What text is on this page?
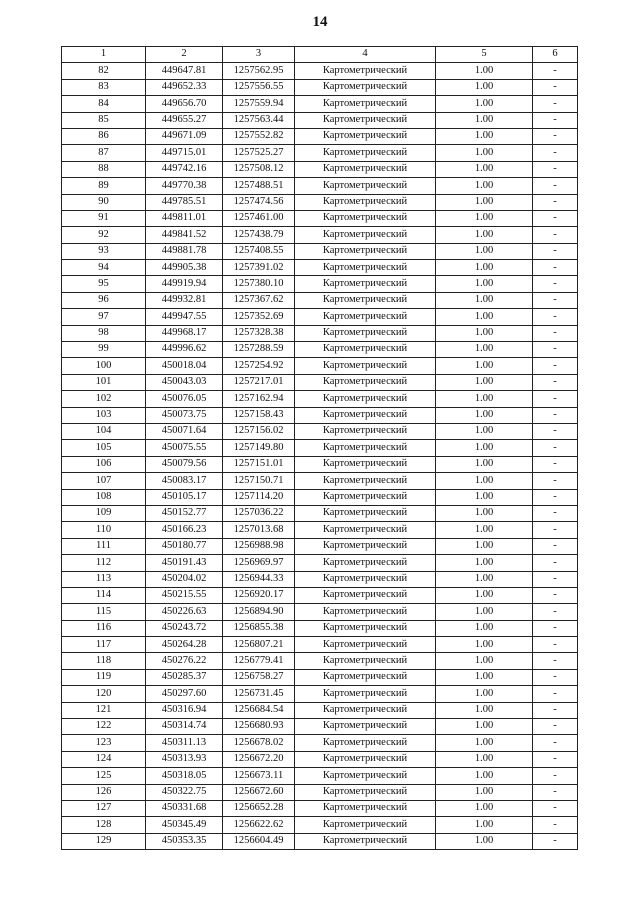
14
1	2	3	4	5	6
82	449647.81	1257562.95	Картометрический	1.00	-
83	449652.33	1257556.55	Картометрический	1.00	-
84	449656.70	1257559.94	Картометрический	1.00	-
85	449655.27	1257563.44	Картометрический	1.00	-
86	449671.09	1257552.82	Картометрический	1.00	-
87	449715.01	1257525.27	Картометрический	1.00	-
88	449742.16	1257508.12	Картометрический	1.00	-
89	449770.38	1257488.51	Картометрический	1.00	-
90	449785.51	1257474.56	Картометрический	1.00	-
91	449811.01	1257461.00	Картометрический	1.00	-
92	449841.52	1257438.79	Картометрический	1.00	-
93	449881.78	1257408.55	Картометрический	1.00	-
94	449905.38	1257391.02	Картометрический	1.00	-
95	449919.94	1257380.10	Картометрический	1.00	-
96	449932.81	1257367.62	Картометрический	1.00	-
97	449947.55	1257352.69	Картометрический	1.00	-
98	449968.17	1257328.38	Картометрический	1.00	-
99	449996.62	1257288.59	Картометрический	1.00	-
100	450018.04	1257254.92	Картометрический	1.00	-
101	450043.03	1257217.01	Картометрический	1.00	-
102	450076.05	1257162.94	Картометрический	1.00	-
103	450073.75	1257158.43	Картометрический	1.00	-
104	450071.64	1257156.02	Картометрический	1.00	-
105	450075.55	1257149.80	Картометрический	1.00	-
106	450079.56	1257151.01	Картометрический	1.00	-
107	450083.17	1257150.71	Картометрический	1.00	-
108	450105.17	1257114.20	Картометрический	1.00	-
109	450152.77	1257036.22	Картометрический	1.00	-
110	450166.23	1257013.68	Картометрический	1.00	-
111	450180.77	1256988.98	Картометрический	1.00	-
112	450191.43	1256969.97	Картометрический	1.00	-
113	450204.02	1256944.33	Картометрический	1.00	-
114	450215.55	1256920.17	Картометрический	1.00	-
115	450226.63	1256894.90	Картометрический	1.00	-
116	450243.72	1256855.38	Картометрический	1.00	-
117	450264.28	1256807.21	Картометрический	1.00	-
118	450276.22	1256779.41	Картометрический	1.00	-
119	450285.37	1256758.27	Картометрический	1.00	-
120	450297.60	1256731.45	Картометрический	1.00	-
121	450316.94	1256684.54	Картометрический	1.00	-
122	450314.74	1256680.93	Картометрический	1.00	-
123	450311.13	1256678.02	Картометрический	1.00	-
124	450313.93	1256672.20	Картометрический	1.00	-
125	450318.05	1256673.11	Картометрический	1.00	-
126	450322.75	1256672.60	Картометрический	1.00	-
127	450331.68	1256652.28	Картометрический	1.00	-
128	450345.49	1256622.62	Картометрический	1.00	-
129	450353.35	1256604.49	Картометрический	1.00	-
